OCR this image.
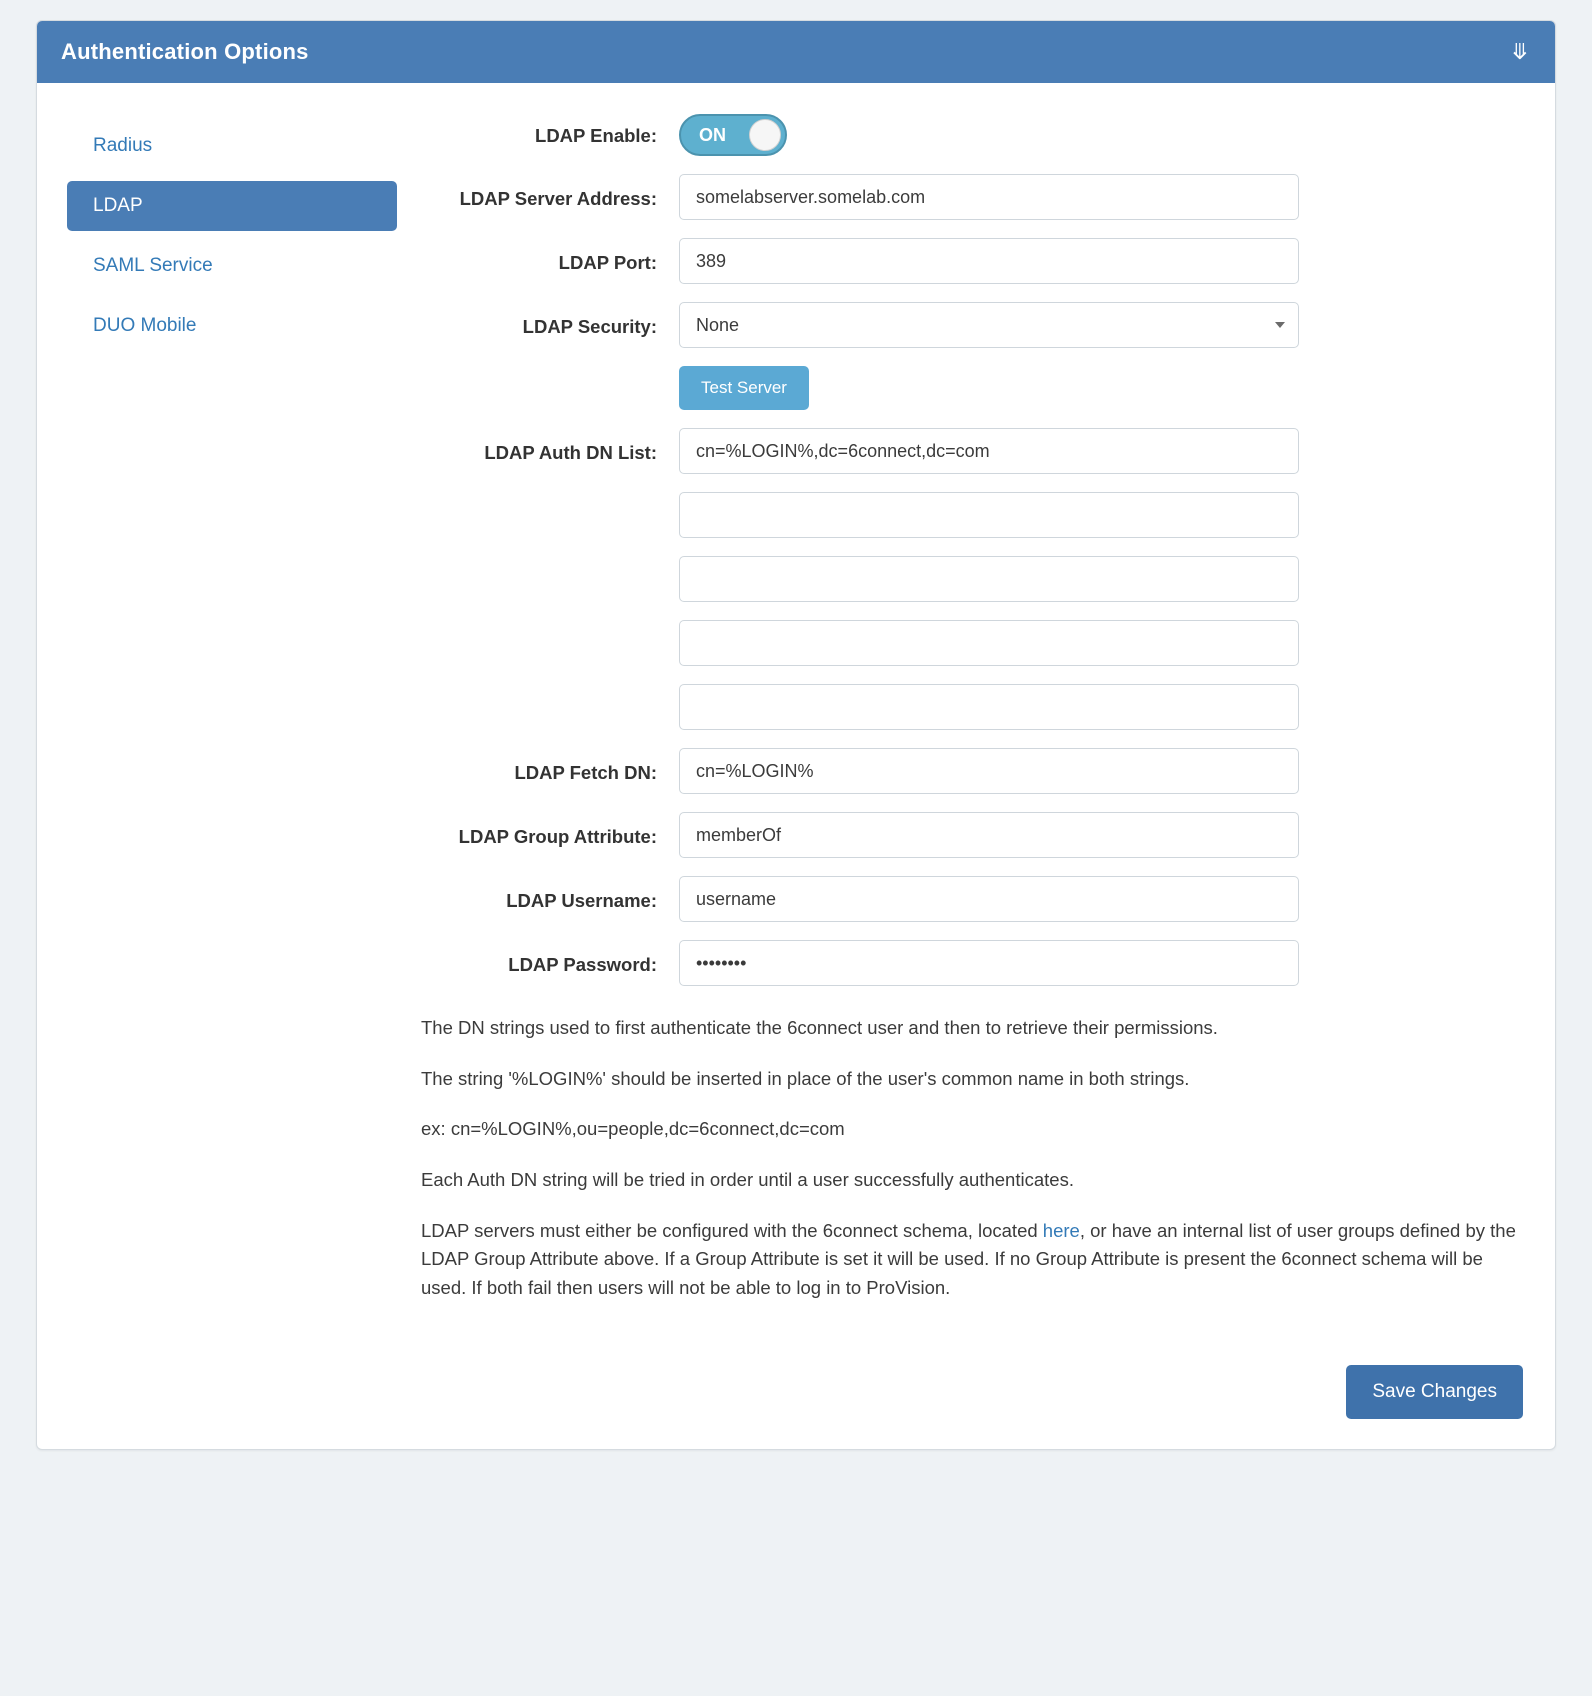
Authentication Options	⤋
Radius
LDAP
SAML Service
DUO Mobile
LDAP Enable:	ON
LDAP Server Address:
somelabserver.somelab.com
LDAP Port:
389
LDAP Security:
None
Test Server
LDAP Auth DN List:
cn=%LOGIN%,dc=6connect,dc=com
LDAP Fetch DN:
cn=%LOGIN%
LDAP Group Attribute:
memberOf
LDAP Username:
username
LDAP Password:
••••••••

The DN strings used to first authenticate the 6connect user and then to retrieve their permissions.

The string '%LOGIN%' should be inserted in place of the user's common name in both strings.

ex: cn=%LOGIN%,ou=people,dc=6connect,dc=com

Each Auth DN string will be tried in order until a user successfully authenticates.

LDAP servers must either be configured with the 6connect schema, located here, or have an internal list of user groups defined by the LDAP Group Attribute above. If a Group Attribute is set it will be used. If no Group Attribute is present the 6connect schema will be used. If both fail then users will not be able to log in to ProVision.

Save Changes
